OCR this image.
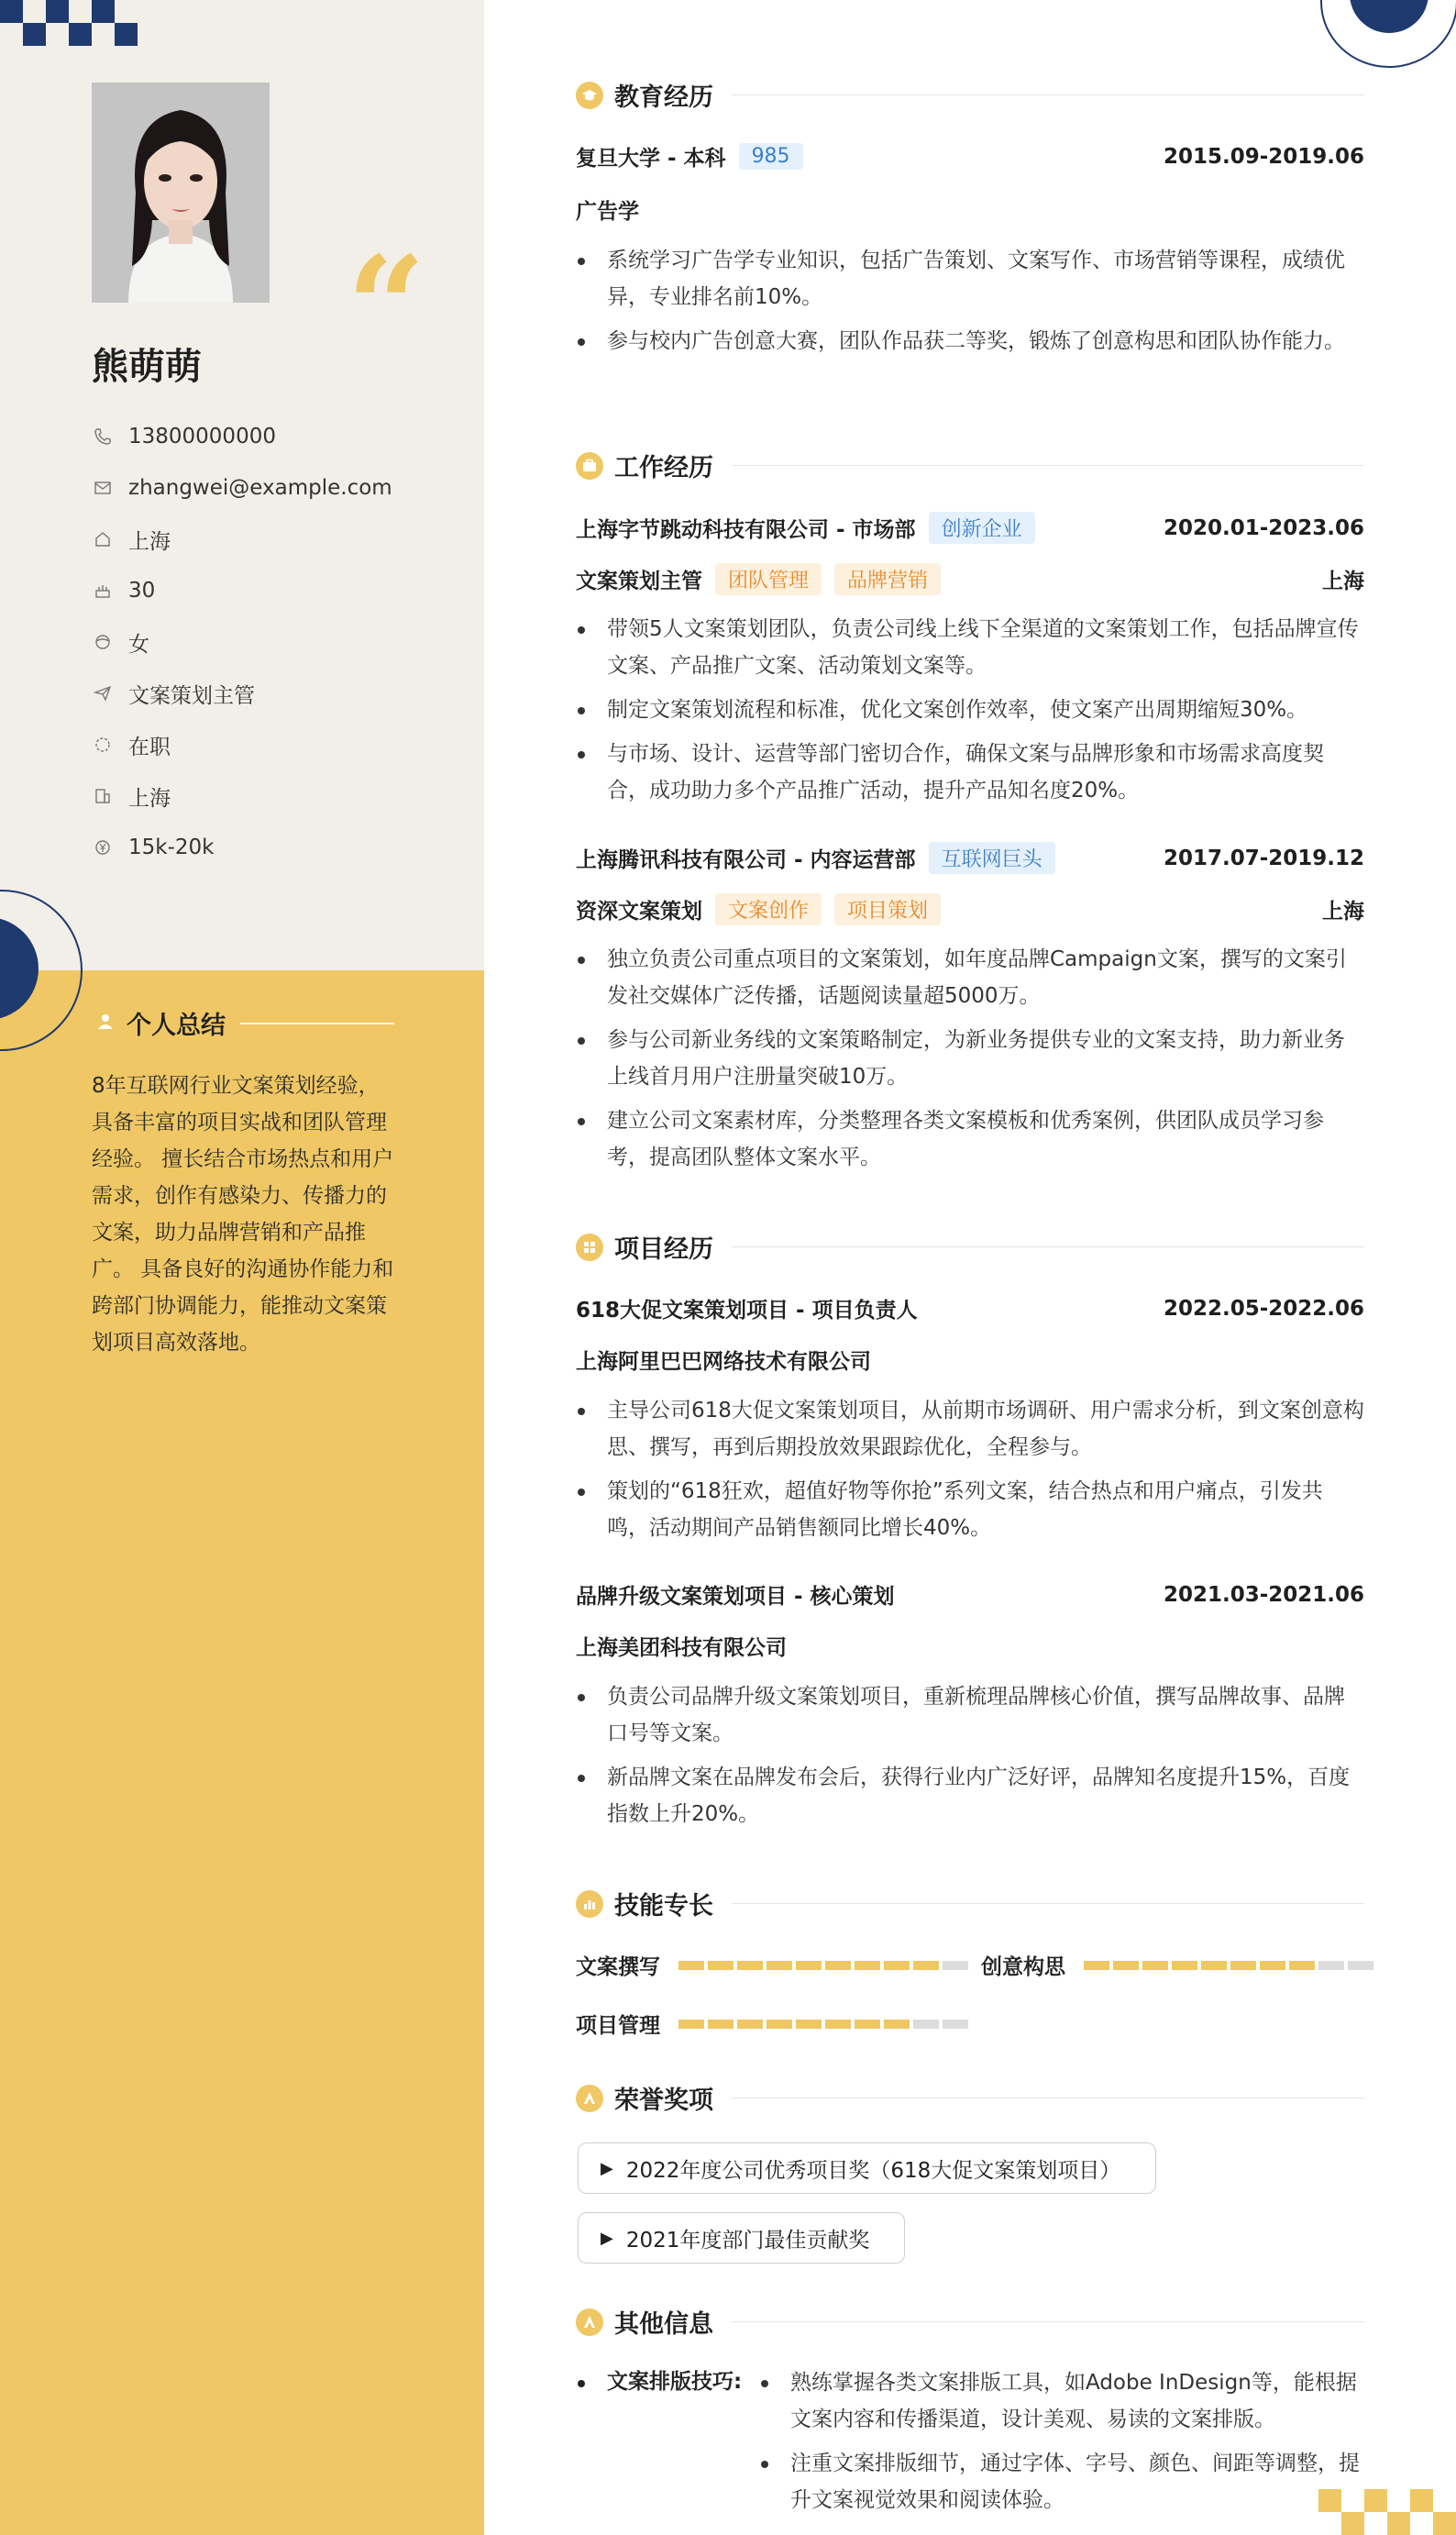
“
熊萌萌
13800000000
zhangwei@example.com
上海
30
女
文案策划主管
在职
上海
15k-20k
个人总结
8年互联网行业文案策划经验，具备丰富的项目实战和团队管理经验。 擅长结合市场热点和用户需求，创作有感染力、传播力的文案，助力品牌营销和产品推广。 具备良好的沟通协作能力和跨部门协调能力，能推动文案策划项目高效落地。
教育经历
复旦大学 - 本科	985	2015.09-2019.06
广告学
系统学习广告学专业知识，包括广告策划、文案写作、市场营销等课程，成绩优异，专业排名前10%。
参与校内广告创意大赛，团队作品获二等奖，锻炼了创意构思和团队协作能力。
工作经历
上海字节跳动科技有限公司 - 市场部	创新企业	2020.01-2023.06
文案策划主管	团队管理	品牌营销	上海
带领5人文案策划团队，负责公司线上线下全渠道的文案策划工作，包括品牌宣传文案、产品推广文案、活动策划文案等。
制定文案策划流程和标准，优化文案创作效率，使文案产出周期缩短30%。
与市场、设计、运营等部门密切合作，确保文案与品牌形象和市场需求高度契合，成功助力多个产品推广活动，提升产品知名度20%。
上海腾讯科技有限公司 - 内容运营部	互联网巨头	2017.07-2019.12
资深文案策划	文案创作	项目策划	上海
独立负责公司重点项目的文案策划，如年度品牌Campaign文案，撰写的文案引发社交媒体广泛传播，话题阅读量超5000万。
参与公司新业务线的文案策略制定，为新业务提供专业的文案支持，助力新业务上线首月用户注册量突破10万。
建立公司文案素材库，分类整理各类文案模板和优秀案例，供团队成员学习参考，提高团队整体文案水平。
项目经历
618大促文案策划项目 - 项目负责人	2022.05-2022.06
上海阿里巴巴网络技术有限公司
主导公司618大促文案策划项目，从前期市场调研、用户需求分析，到文案创意构思、撰写，再到后期投放效果跟踪优化，全程参与。
策划的“618狂欢，超值好物等你抢”系列文案，结合热点和用户痛点，引发共鸣，活动期间产品销售额同比增长40%。
品牌升级文案策划项目 - 核心策划	2021.03-2021.06
上海美团科技有限公司
负责公司品牌升级文案策划项目，重新梳理品牌核心价值，撰写品牌故事、品牌口号等文案。
新品牌文案在品牌发布会后，获得行业内广泛好评，品牌知名度提升15%，百度指数上升20%。
技能专长
文案撰写	创意构思
项目管理
荣誉奖项
▶ 2022年度公司优秀项目奖（618大促文案策划项目）
▶ 2021年度部门最佳贡献奖
其他信息
文案排版技巧:	熟练掌握各类文案排版工具，如Adobe InDesign等，能根据文案内容和传播渠道，设计美观、易读的文案排版。
注重文案排版细节，通过字体、字号、颜色、间距等调整，提升文案视觉效果和阅读体验。
